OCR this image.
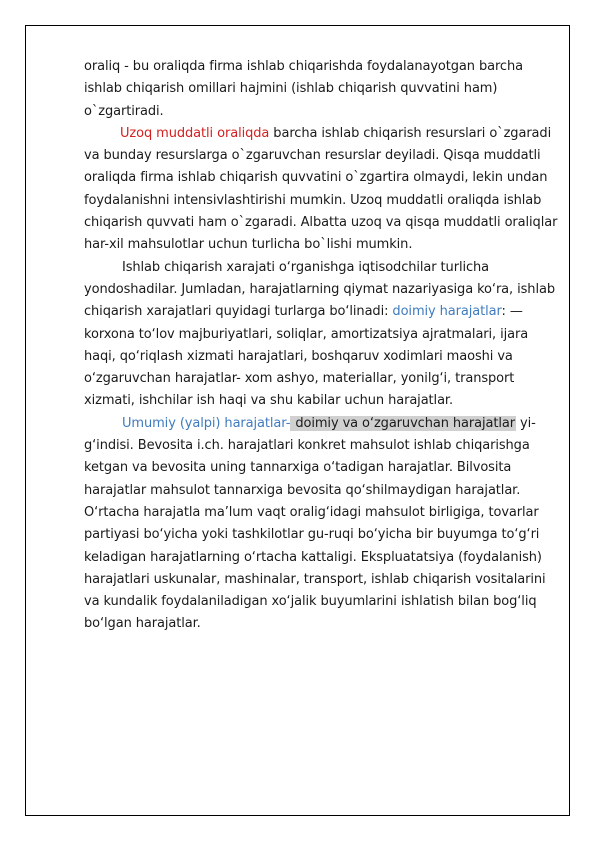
oraliq - bu oraliqda firma ishlab chiqarishda foydalanayotgan barcha ishlab chiqarish omillari hajmini (ishlab chiqarish quvvatini ham) o`zgartiradi.

Uzoq muddatli oraliqda barcha ishlab chiqarish resurslari o`zgaradi va bunday resurslarga o`zgaruvchan resurslar deyiladi. Qisqa muddatli oraliqda firma ishlab chiqarish quvvatini o`zgartira olmaydi, lekin undan foydalanishni intensivlashtirishi mumkin. Uzoq muddatli oraliqda ishlab chiqarish quvvati ham o`zgaradi. Albatta uzoq va qisqa muddatli oraliqlar har-xil mahsulotlar uchun turlicha bo`lishi mumkin.

Ishlab chiqarish xarajati o‘rganishga iqtisodchilar turlicha yondoshadilar. Jumladan, harajatlarning qiymat nazariyasiga ko‘ra, ishlab chiqarish xarajatlari quyidagi turlarga bo‘linadi: doimiy harajatlar: — korxona to‘lov majburiyatlari, soliqlar, amortizatsiya ajratmalari, ijara haqi, qo‘riqlash xizmati harajatlari, boshqaruv xodimlari maoshi va o‘zgaruvchan harajatlar- xom ashyo, materiallar, yonilg‘i, transport xizmati, ishchilar ish haqi va shu kabilar uchun harajatlar.

Umumiy (yalpi) harajatlar- doimiy va o‘zgaruvchan harajatlar yi-g‘indisi. Bevosita i.ch. harajatlari konkret mahsulot ishlab chiqarishga ketgan va bevosita uning tannarxiga o‘tadigan harajatlar. Bilvosita harajatlar mahsulot tannarxiga bevosita qo‘shilmaydigan harajatlar. O‘rtacha harajatla ma’lum vaqt oralig‘idagi mahsulot birligiga, tovarlar partiyasi bo‘yicha yoki tashkilotlar gu-ruqi bo‘yicha bir buyumga to‘g‘ri keladigan harajatlarning o‘rtacha kattaligi. Ekspluatatsiya (foydalanish) harajatlari uskunalar, mashinalar, transport, ishlab chiqarish vositalarini va kundalik foydalaniladigan xo‘jalik buyumlarini ishlatish bilan bog‘liq bo‘lgan harajatlar.
